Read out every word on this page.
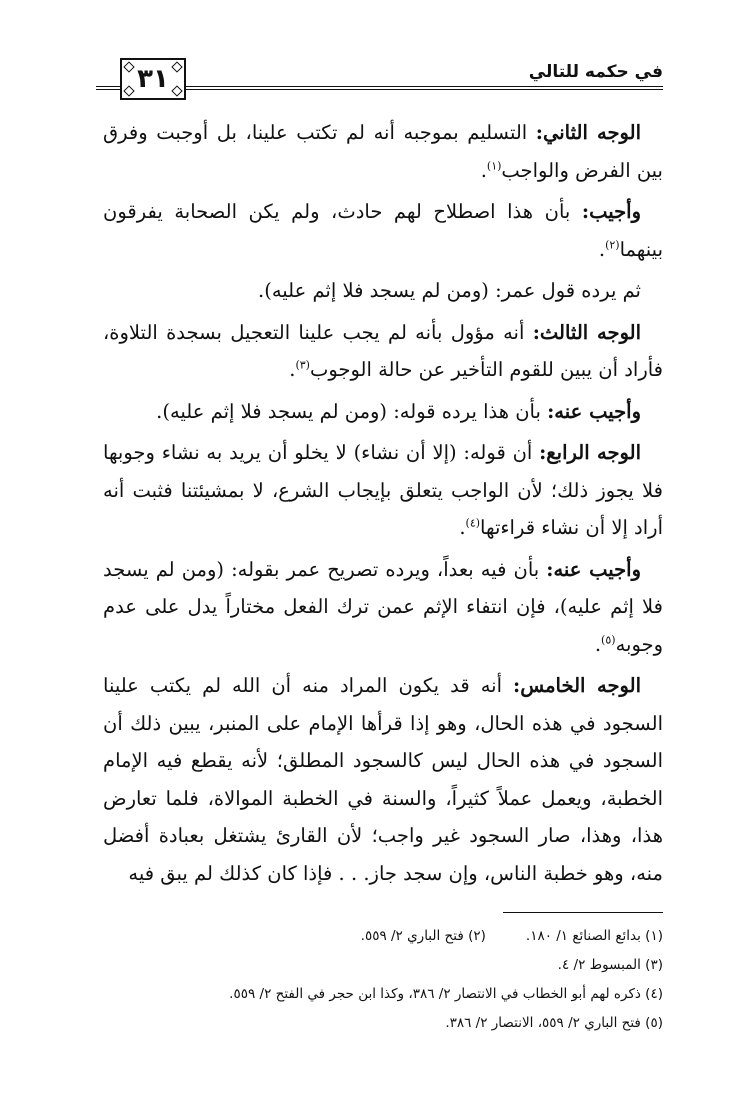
في حكمه للتالي
٣١

الوجه الثاني: التسليم بموجبه أنه لم تكتب علينا، بل أوجبت وفرق بين الفرض والواجب$^{(١)}$.

وأجيب: بأن هذا اصطلاح لهم حادث، ولم يكن الصحابة يفرقون بينهما$^{(٢)}$.

ثم يرده قول عمر: (ومن لم يسجد فلا إثم عليه).

الوجه الثالث: أنه مؤول بأنه لم يجب علينا التعجيل بسجدة التلاوة، فأراد أن يبين للقوم التأخير عن حالة الوجوب$^{(٣)}$.

وأجيب عنه: بأن هذا يرده قوله: (ومن لم يسجد فلا إثم عليه).

الوجه الرابع: أن قوله: (إلا أن نشاء) لا يخلو أن يريد به نشاء وجوبها فلا يجوز ذلك؛ لأن الواجب يتعلق بإيجاب الشرع، لا بمشيئتنا فثبت أنه أراد إلا أن نشاء قراءتها$^{(٤)}$.

وأجيب عنه: بأن فيه بعداً، ويرده تصريح عمر بقوله: (ومن لم يسجد فلا إثم عليه)، فإن انتفاء الإثم عمن ترك الفعل مختاراً يدل على عدم وجوبه$^{(٥)}$.

الوجه الخامس: أنه قد يكون المراد منه أن الله لم يكتب علينا السجود في هذه الحال، وهو إذا قرأها الإمام على المنبر، يبين ذلك أن السجود في هذه الحال ليس كالسجود المطلق؛ لأنه يقطع فيه الإمام الخطبة، ويعمل عملاً كثيراً، والسنة في الخطبة الموالاة، فلما تعارض هذا، وهذا، صار السجود غير واجب؛ لأن القارئ يشتغل بعبادة أفضل منه، وهو خطبة الناس، وإن سجد جاز. . . فإذا كان كذلك لم يبق فيه

(١) بدائع الصنائع ١/ ١٨٠.
(٢) فتح الباري ٢/ ٥٥٩.
(٣) المبسوط ٢/ ٤.
(٤) ذكره لهم أبو الخطاب في الانتصار ٢/ ٣٨٦، وكذا ابن حجر في الفتح ٢/ ٥٥٩.
(٥) فتح الباري ٢/ ٥٥٩، الانتصار ٢/ ٣٨٦.
